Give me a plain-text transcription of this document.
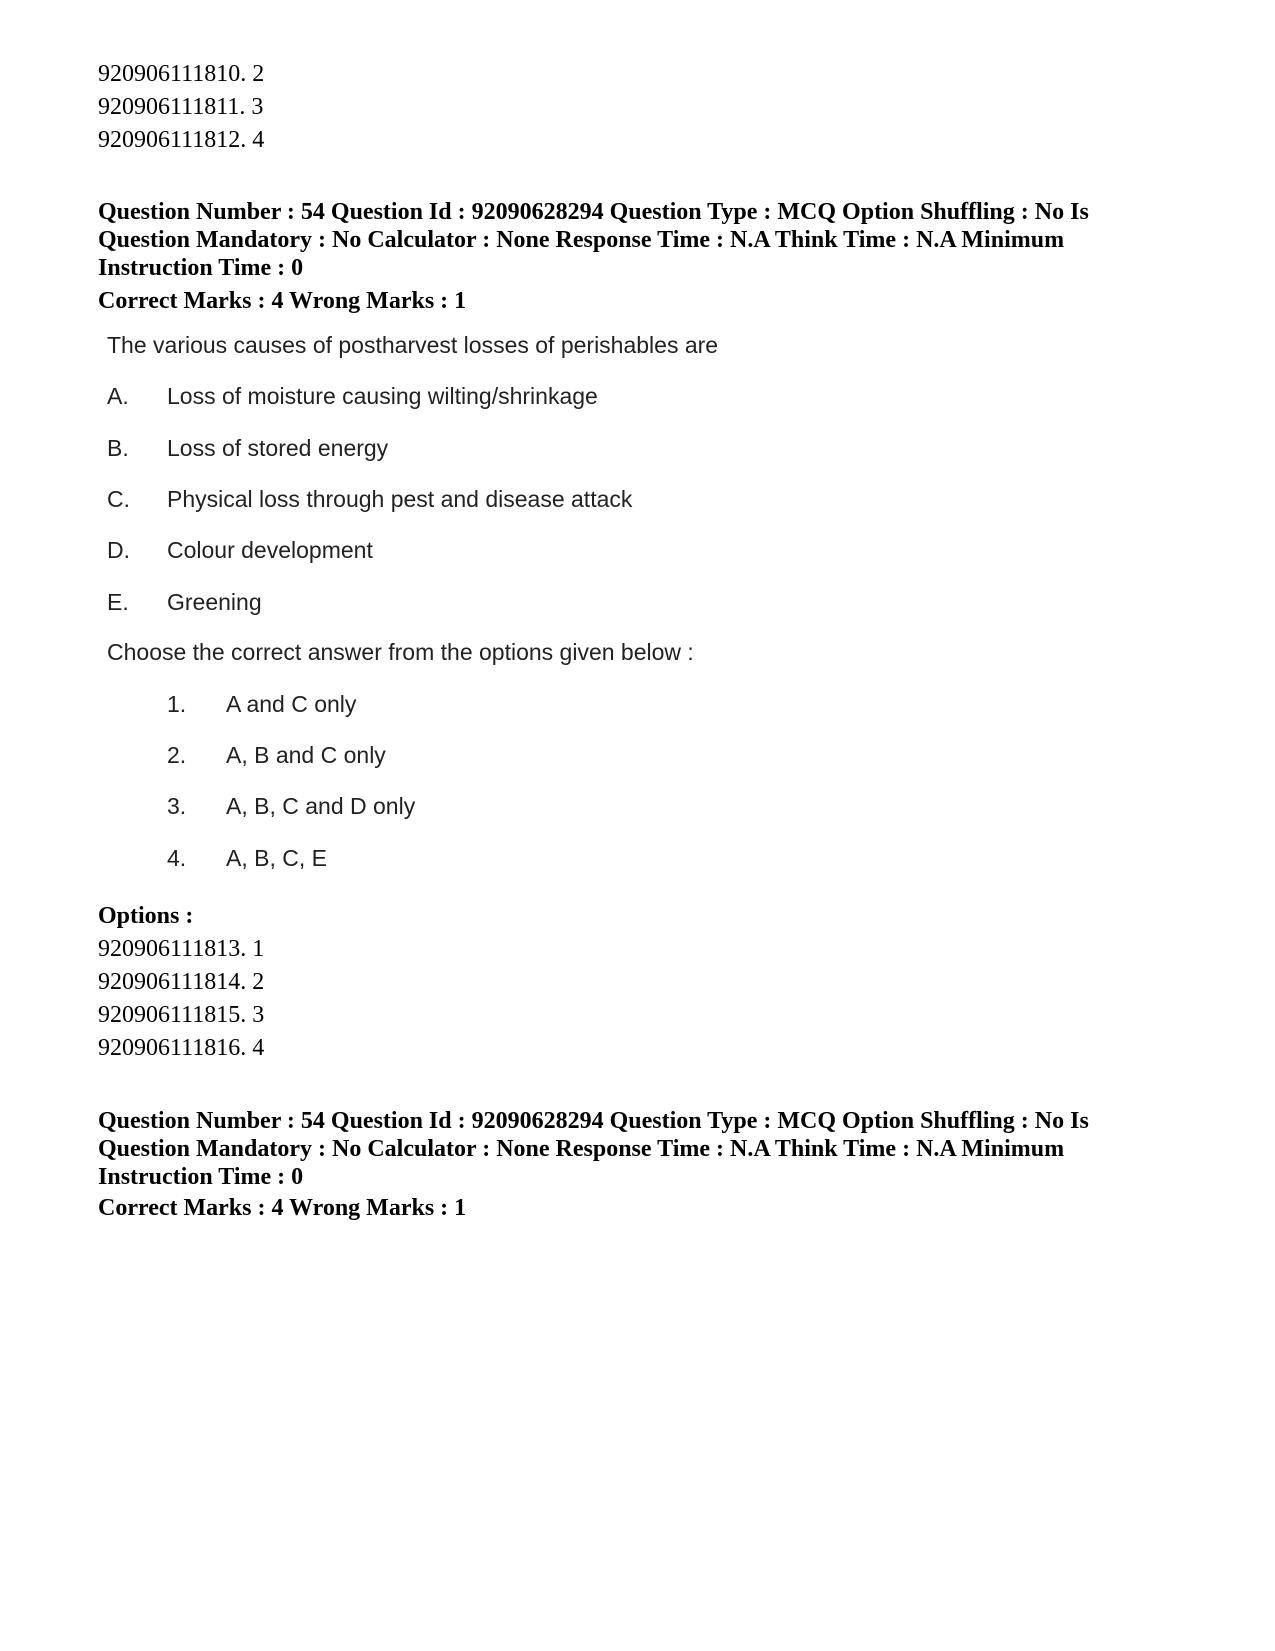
920906111810. 2
920906111811. 3
920906111812. 4
Question Number : 54 Question Id : 92090628294 Question Type : MCQ Option Shuffling : No Is
Question Mandatory : No Calculator : None Response Time : N.A Think Time : N.A Minimum
Instruction Time : 0
Correct Marks : 4 Wrong Marks : 1
The various causes of postharvest losses of perishables are
A. Loss of moisture causing wilting/shrinkage
B. Loss of stored energy
C. Physical loss through pest and disease attack
D. Colour development
E. Greening
Choose the correct answer from the options given below :
1. A and C only
2. A, B and C only
3. A, B, C and D only
4. A, B, C, E
Options :
920906111813. 1
920906111814. 2
920906111815. 3
920906111816. 4
Question Number : 54 Question Id : 92090628294 Question Type : MCQ Option Shuffling : No Is
Question Mandatory : No Calculator : None Response Time : N.A Think Time : N.A Minimum
Instruction Time : 0
Correct Marks : 4 Wrong Marks : 1
